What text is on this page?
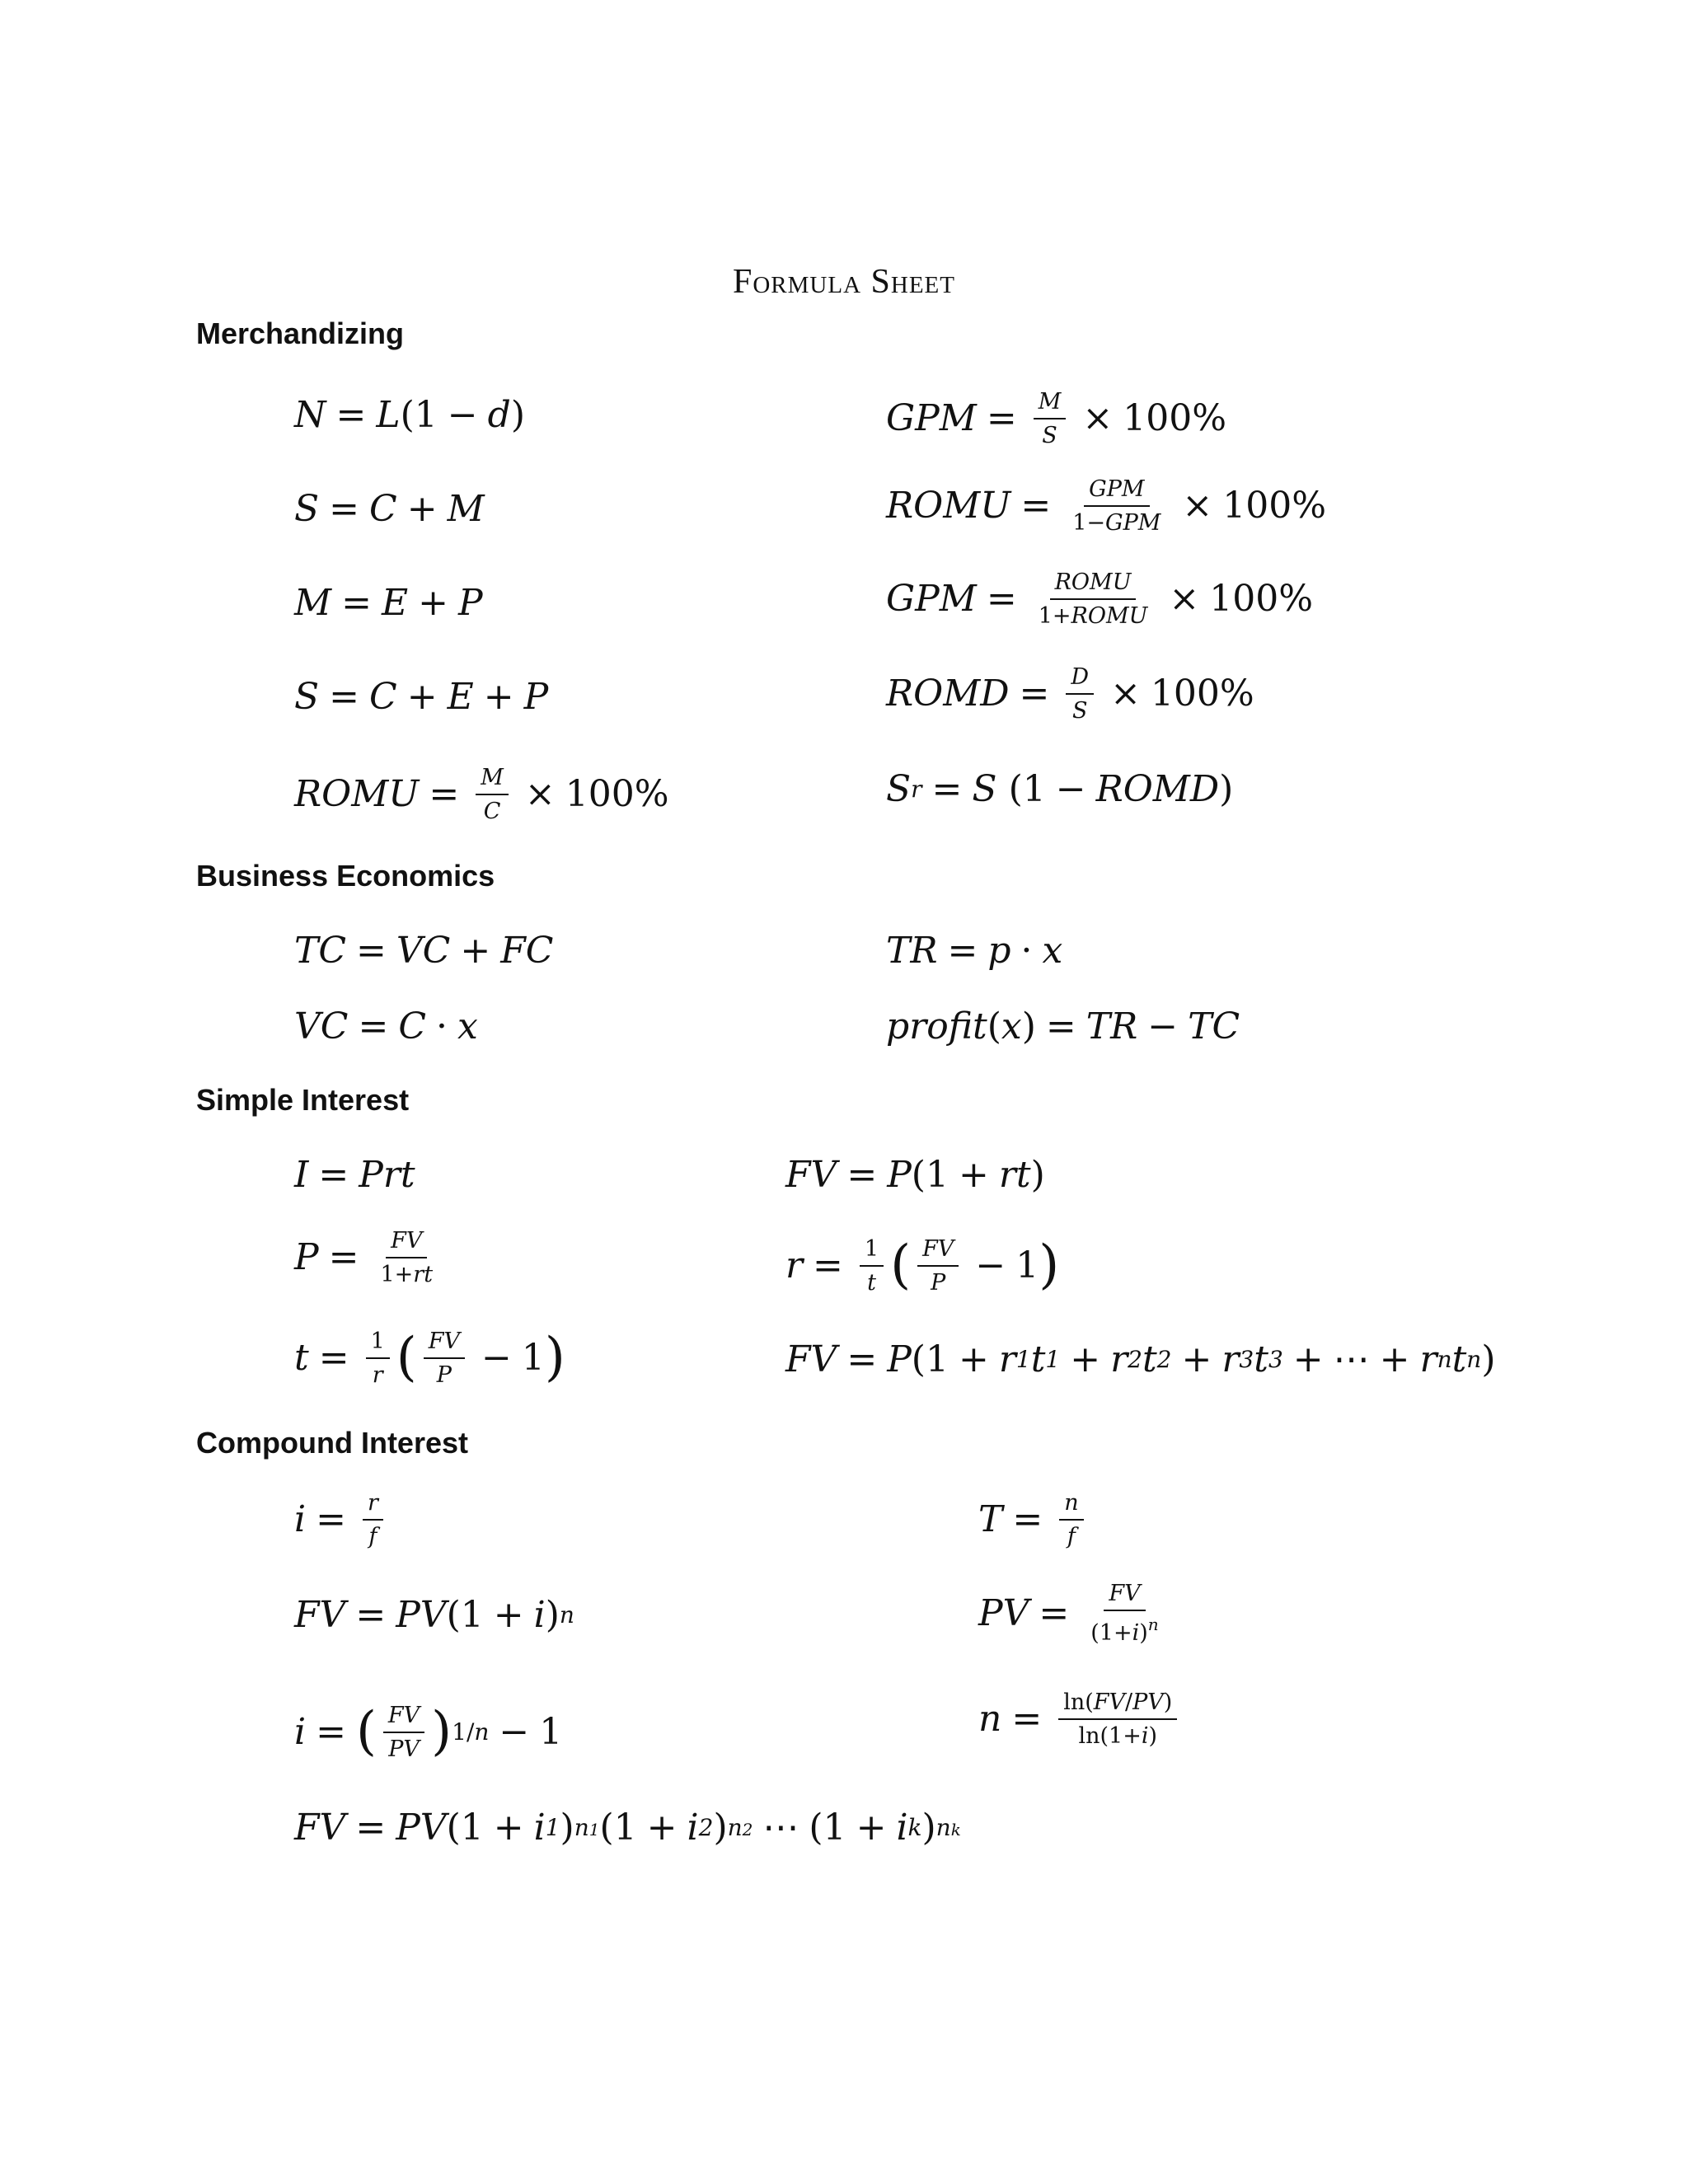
Formula Sheet
Merchandizing
N = L (1 − d )
S = C + M
M = E + P
S = C + E + P
ROMU = $\frac{M}{C} \times 100\%$
GPM = $\frac{M}{S} \times 100\%$
ROMU = $\frac{\text{GPM}}{\text{1−GPM}} \times 100\%$
GPM = $\frac{\text{ROMU}}{\text{1+ROMU}} \times 100\%$
ROMD = $\frac{D}{S} \times 100\%$
S r = S (1 − ROMD )
Business Economics
TC = VC + FC
VC = C · x
TR = p · x
profit ( x ) = TR − TC
Simple Interest
I = Prt
$P = \frac{FV}{1+rt}$
$t = \frac{1}{r}$ ( $\frac{FV}{P} - 1$ )
FV = P (1 + rt )
$r = \frac{1}{t}$ ( $\frac{FV}{P} - 1$ )
FV = P (1 + r 1 t 1 + r 2 t 2 + r 3 t 3 + ⋯ + r n t n )
Compound Interest
$i = \frac{r}{f}$
FV = PV (1 + i ) n
i = ( $\frac{FV}{PV}$ ) 1/n − 1
FV = PV (1 + i 1 ) n1 (1 + i 2 ) n2 ⋯ (1 + i k ) nk
$T = \frac{n}{f}$
PV = $\frac{FV}{(1+i)^n}$
$n = \frac{\ln(FV/PV)}{\ln(1+i)}$
